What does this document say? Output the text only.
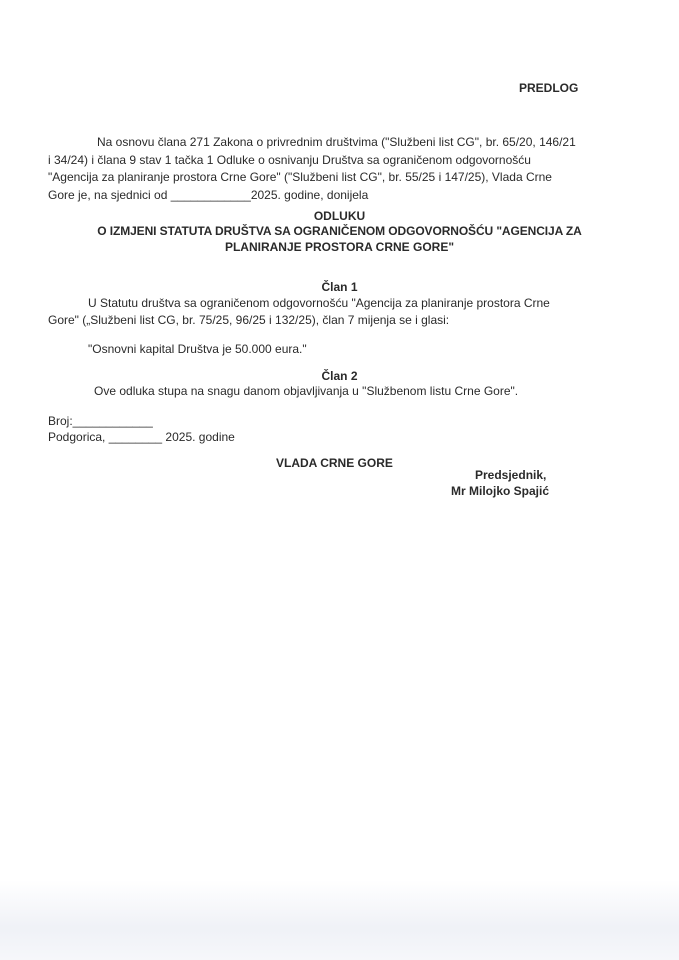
PREDLOG
Na osnovu člana 271 Zakona o privrednim društvima ("Službeni list CG", br. 65/20, 146/21
i 34/24) i člana 9 stav 1 tačka 1 Odluke o osnivanju Društva sa ograničenom odgovornošću
"Agencija za planiranje prostora Crne Gore" ("Službeni list CG", br. 55/25 i 147/25), Vlada Crne
Gore je, na sjednici od ____________2025. godine, donijela
ODLUKU
O IZMJENI STATUTA DRUŠTVA SA OGRANIČENOM ODGOVORNOŠĆU "AGENCIJA ZA
PLANIRANJE PROSTORA CRNE GORE"
Član 1
U Statutu društva sa ograničenom odgovornošću "Agencija za planiranje prostora Crne
Gore" („Službeni list CG, br. 75/25, 96/25 i 132/25), član 7 mijenja se i glasi:
"Osnovni kapital Društva je 50.000 eura."
Član 2
Ove odluka stupa na snagu danom objavljivanja u "Službenom listu Crne Gore".
Broj:____________
Podgorica, ________ 2025. godine
VLADA CRNE GORE
Predsjednik,
Mr Milojko Spajić
